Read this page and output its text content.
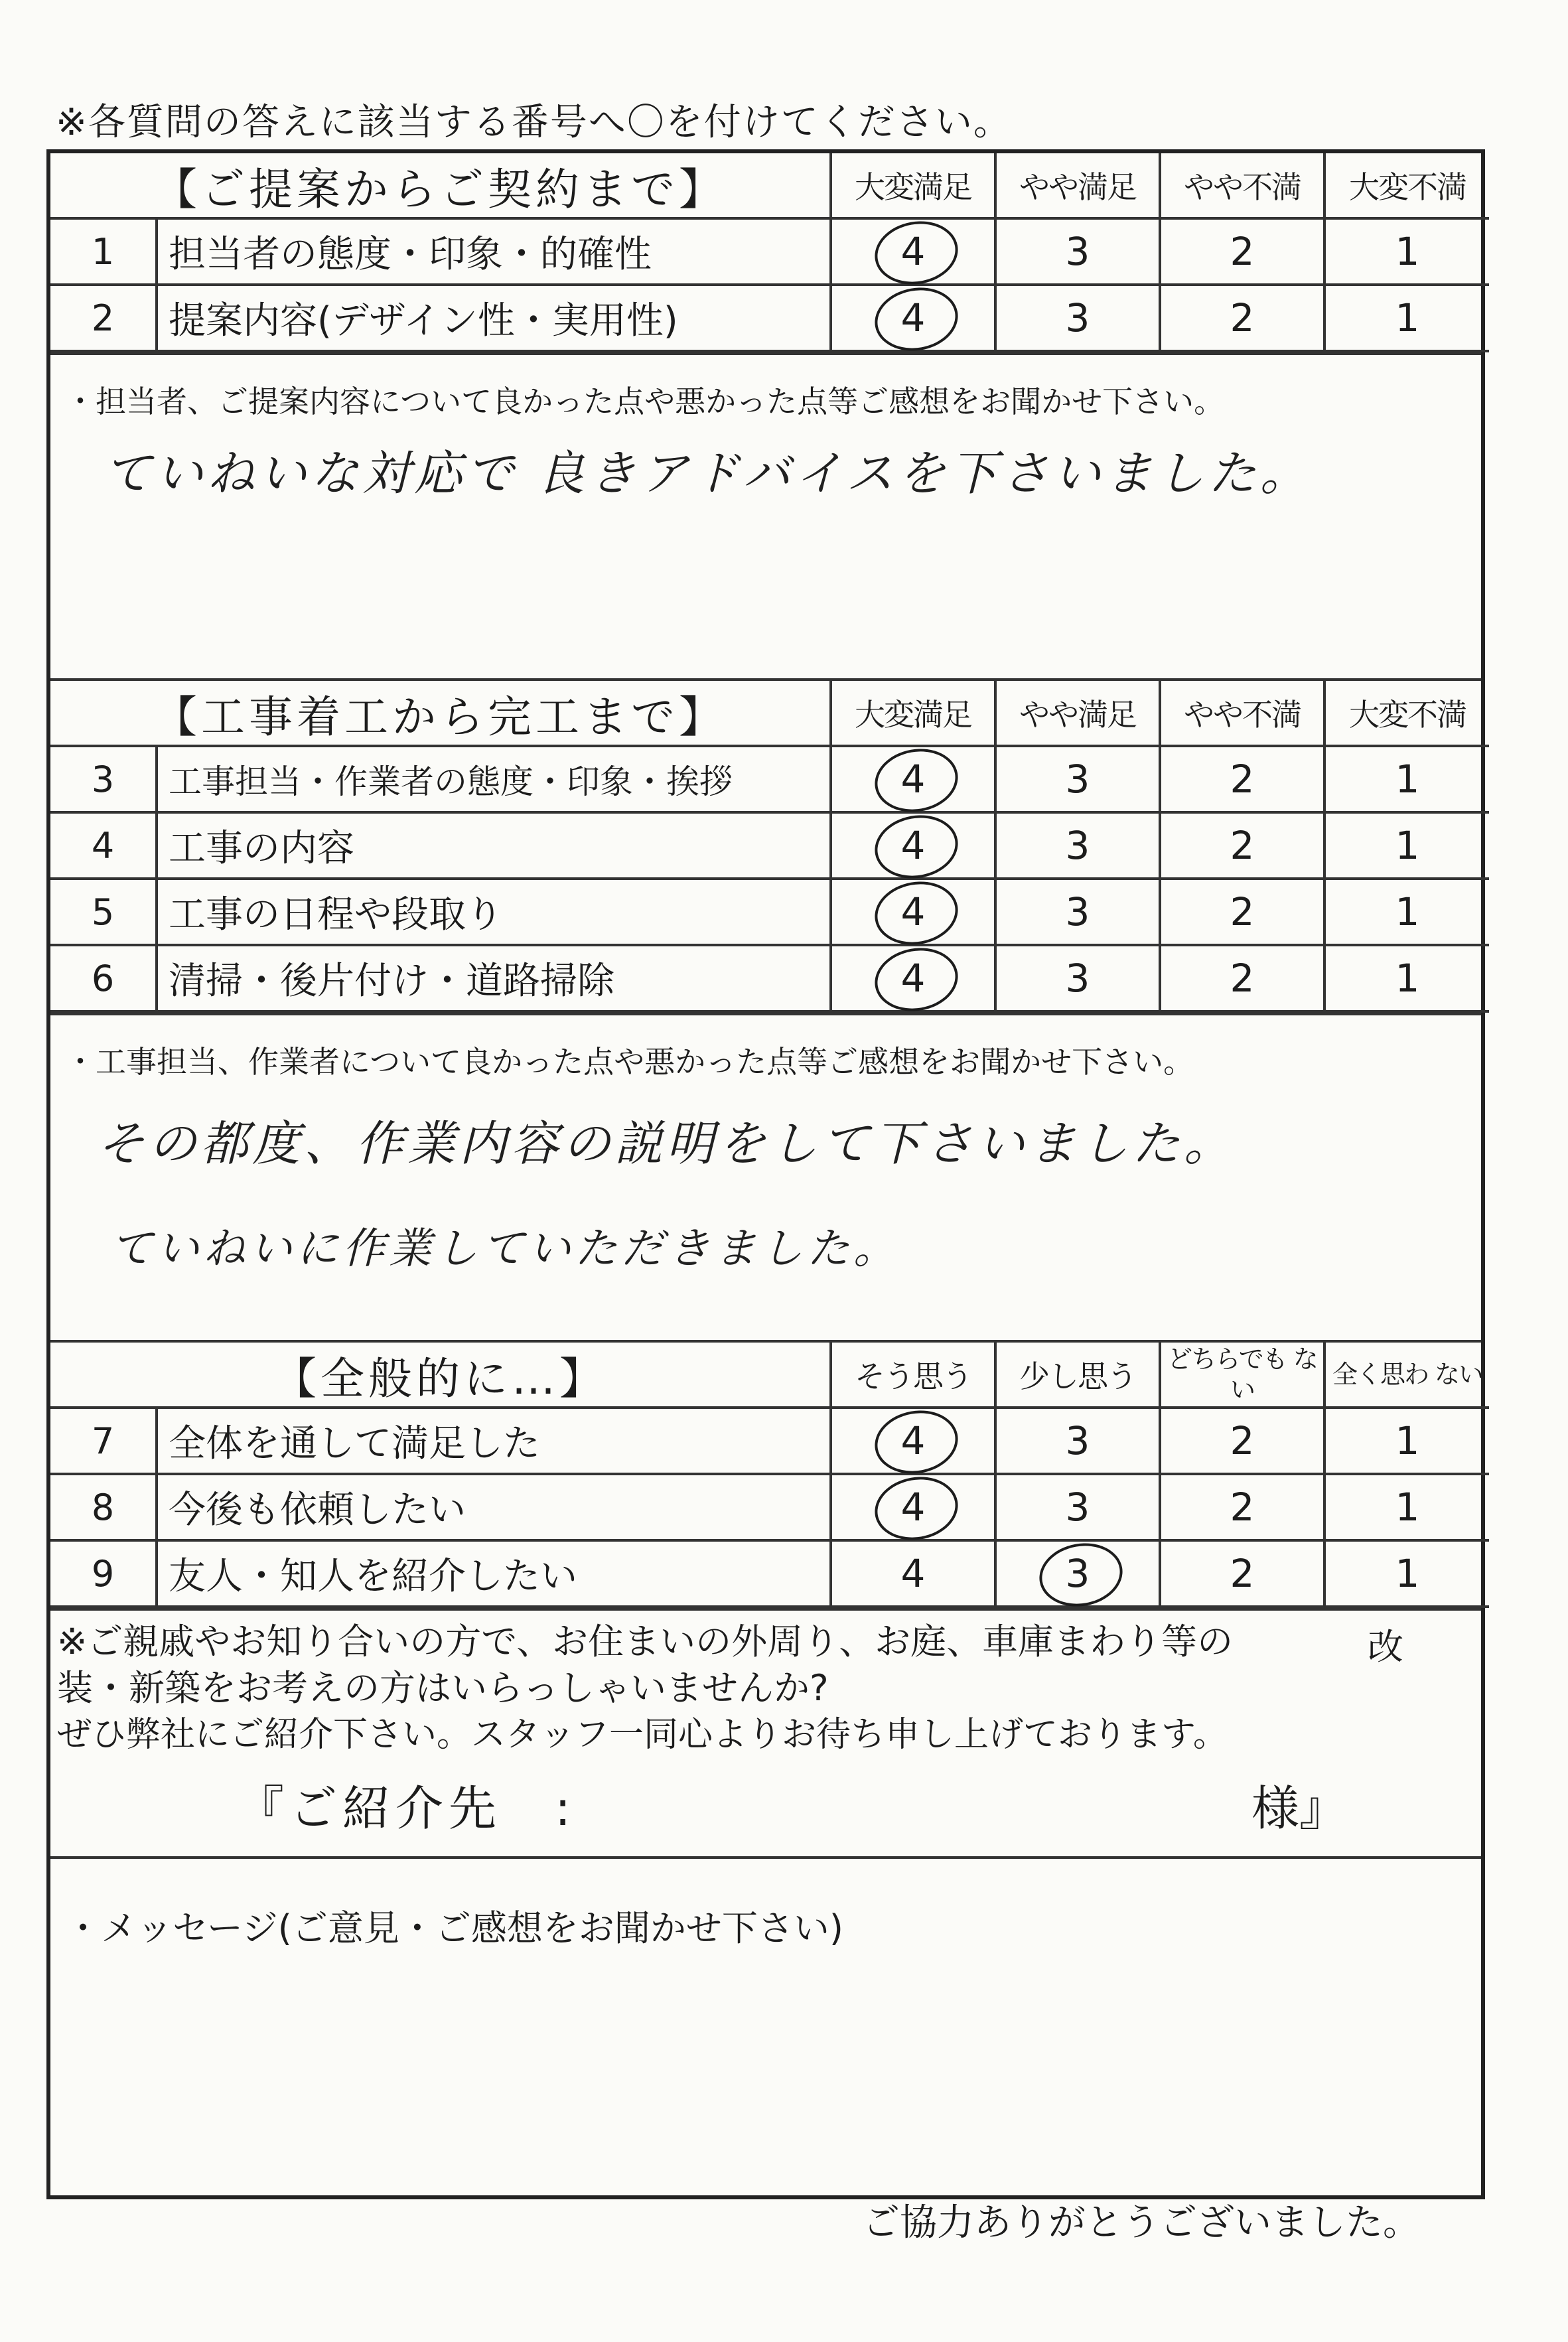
※各質問の答えに該当する番号へ〇を付けてください。
【ご提案からご契約まで】		大変満足	やや満足	やや不満	大変不満
1	担当者の態度・印象・的確性	4	3	2	1
2	提案内容(デザイン性・実用性)	4	3	2	1
・担当者、ご提案内容について良かった点や悪かった点等ご感想をお聞かせ下さい。
ていねいな対応で 良きアドバイスを下さいました。
【工事着工から完工まで】		大変満足	やや満足	やや不満	大変不満
3	工事担当・作業者の態度・印象・挨拶	4	3	2	1
4	工事の内容	4	3	2	1
5	工事の日程や段取り	4	3	2	1
6	清掃・後片付け・道路掃除	4	3	2	1
・工事担当、作業者について良かった点や悪かった点等ご感想をお聞かせ下さい。
その都度、作業内容の説明をして下さいました。
ていねいに作業していただきました。
【全般的に…】		そう思う	少し思う	どちらでも ない	全く思わ ない
7	全体を通して満足した	4	3	2	1
8	今後も依頼したい	4	3	2	1
9	友人・知人を紹介したい	4	3	2	1
※ご親戚やお知り合いの方で、お住まいの外周り、お庭、車庫まわり等の
装・新築をお考えの方はいらっしゃいませんか?
ぜひ弊社にご紹介下さい。スタッフ一同心よりお待ち申し上げております。
改
『ご紹介先　:	様』
・メッセージ(ご意見・ご感想をお聞かせ下さい)
ご協力ありがとうございました。
